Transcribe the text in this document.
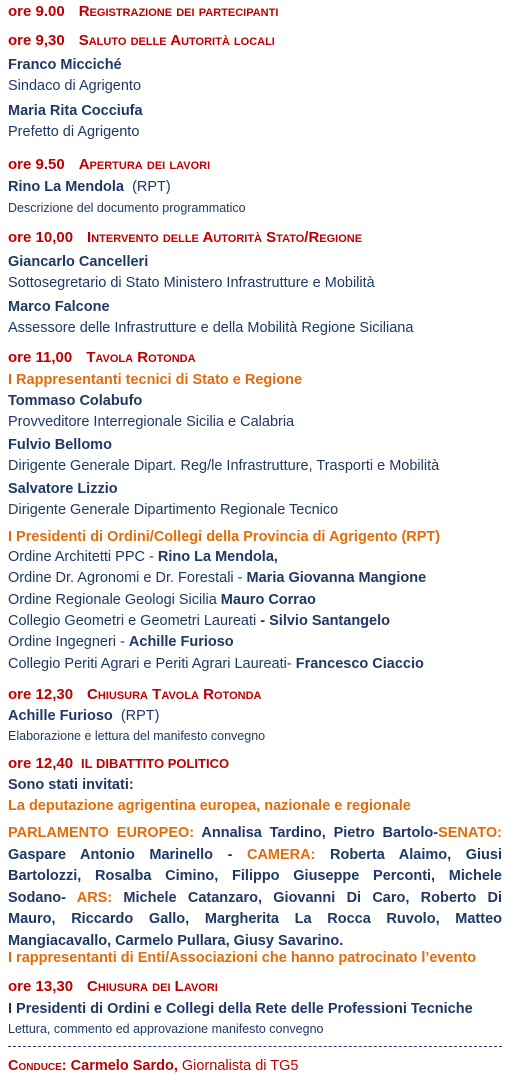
ore 9.00 Registrazione dei partecipanti
ore 9,30 Saluto delle Autorità locali
Franco Micciché
Sindaco di Agrigento
Maria Rita Cocciufa
Prefetto di Agrigento
ore 9.50 Apertura dei lavori
Rino La Mendola (RPT)
Descrizione del documento programmatico
ore 10,00 Intervento delle Autorità Stato/Regione
Giancarlo Cancelleri
Sottosegretario di Stato Ministero Infrastrutture e Mobilità
Marco Falcone
Assessore delle Infrastrutture e della Mobilità Regione Siciliana
ore 11,00 Tavola Rotonda
I Rappresentanti tecnici di Stato e Regione
Tommaso Colabufo
Provveditore Interregionale Sicilia e Calabria
Fulvio Bellomo
Dirigente Generale Dipart. Reg/le Infrastrutture, Trasporti e Mobilità
Salvatore Lizzio
Dirigente Generale Dipartimento Regionale Tecnico
I Presidenti di Ordini/Collegi della Provincia di Agrigento (RPT)
Ordine Architetti PPC - Rino La Mendola,
Ordine Dr. Agronomi e Dr. Forestali - Maria Giovanna Mangione
Ordine Regionale Geologi Sicilia Mauro Corrao
Collegio Geometri e Geometri Laureati - Silvio Santangelo
Ordine Ingegneri - Achille Furioso
Collegio Periti Agrari e Periti Agrari Laureati- Francesco Ciaccio
ore 12,30 Chiusura Tavola Rotonda
Achille Furioso (RPT)
Elaborazione e lettura del manifesto convegno
ore 12,40 IL DIBATTITO POLITICO
Sono stati invitati:
La deputazione agrigentina europea, nazionale e regionale
PARLAMENTO EUROPEO: Annalisa Tardino, Pietro Bartolo-SENATO:
Gaspare Antonio Marinello - CAMERA: Roberta Alaimo, Giusi
Bartolozzi, Rosalba Cimino, Filippo Giuseppe Perconti, Michele
Sodano- ARS: Michele Catanzaro, Giovanni Di Caro, Roberto Di
Mauro, Riccardo Gallo, Margherita La Rocca Ruvolo, Matteo
Mangiacavallo, Carmelo Pullara, Giusy Savarino.
I rappresentanti di Enti/Associazioni che hanno patrocinato l’evento
ore 13,30 Chiusura dei Lavori
I Presidenti di Ordini e Collegi della Rete delle Professioni Tecniche
Lettura, commento ed approvazione manifesto convegno
Conduce: Carmelo Sardo, Giornalista di TG5
